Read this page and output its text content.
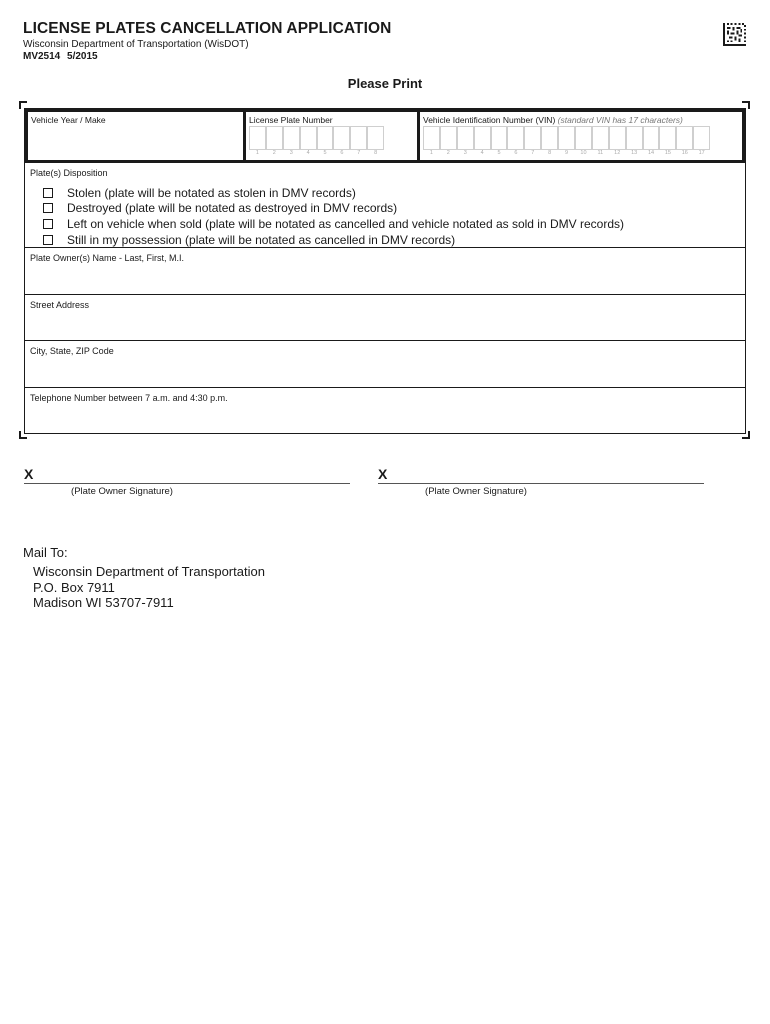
LICENSE PLATES CANCELLATION APPLICATION
Wisconsin Department of Transportation (WisDOT)
MV2514 5/2015
Please Print
Vehicle Year / Make	License Plate Number
1	2	3	4	5	6	7	8
Vehicle Identification Number (VIN) (standard VIN has 17 characters)
1	2	3	4	5	6	7	8	9	10	11	12	13	14	15	16	17
Plate(s) Disposition
Stolen (plate will be notated as stolen in DMV records)
Destroyed (plate will be notated as destroyed in DMV records)
Left on vehicle when sold (plate will be notated as cancelled and vehicle notated as sold in DMV records)
Still in my possession (plate will be notated as cancelled in DMV records)
Plate Owner(s) Name - Last, First, M.I.
Street Address
City, State, ZIP Code
Telephone Number between 7 a.m. and 4:30 p.m.
X
(Plate Owner Signature)
X
(Plate Owner Signature)
Mail To:
Wisconsin Department of Transportation
P.O. Box 7911
Madison WI 53707-7911
